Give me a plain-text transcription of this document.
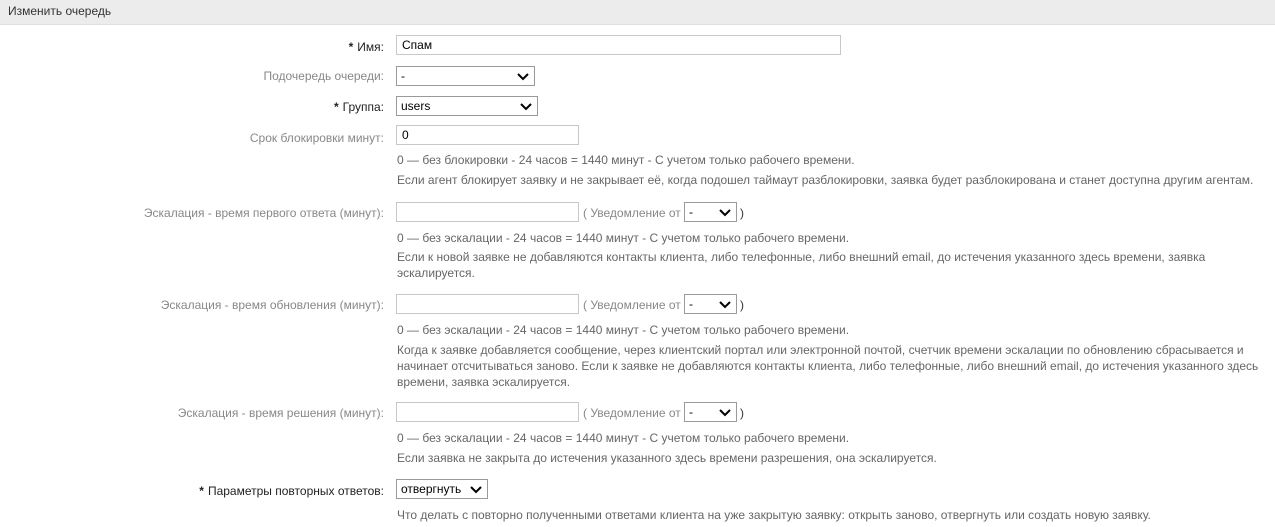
Изменить очередь
* Имя:
Спам
Подочередь очереди: -
* Группа: users
Срок блокировки минут:
0
0 — без блокировки - 24 часов = 1440 минут - С учетом только рабочего времени.
Если агент блокирует заявку и не закрывает её, когда подошел таймаут разблокировки, заявка будет разблокирована и станет доступна другим агентам.
Эскалация - время первого ответа (минут):	( Уведомление от -	)
0 — без эскалации - 24 часов = 1440 минут - С учетом только рабочего времени.
Если к новой заявке не добавляются контакты клиента, либо телефонные, либо внешний email, до истечения указанного здесь времени, заявка
эскалируется.
Эскалация - время обновления (минут):	( Уведомление от -	)
0 — без эскалации - 24 часов = 1440 минут - С учетом только рабочего времени.
Когда к заявке добавляется сообщение, через клиентский портал или электронной почтой, счетчик времени эскалации по обновлению сбрасывается и
начинает отсчитываться заново. Если к заявке не добавляются контакты клиента, либо телефонные, либо внешний email, до истечения указанного здесь
времени, заявка эскалируется.
Эскалация - время решения (минут):	( Уведомление от -	)
0 — без эскалации - 24 часов = 1440 минут - С учетом только рабочего времени.
Если заявка не закрыта до истечения указанного здесь времени разрешения, она эскалируется.
* Параметры повторных ответов: отвергнуть
Что делать с повторно полученными ответами клиента на уже закрытую заявку: открыть заново, отвергнуть или создать новую заявку.
